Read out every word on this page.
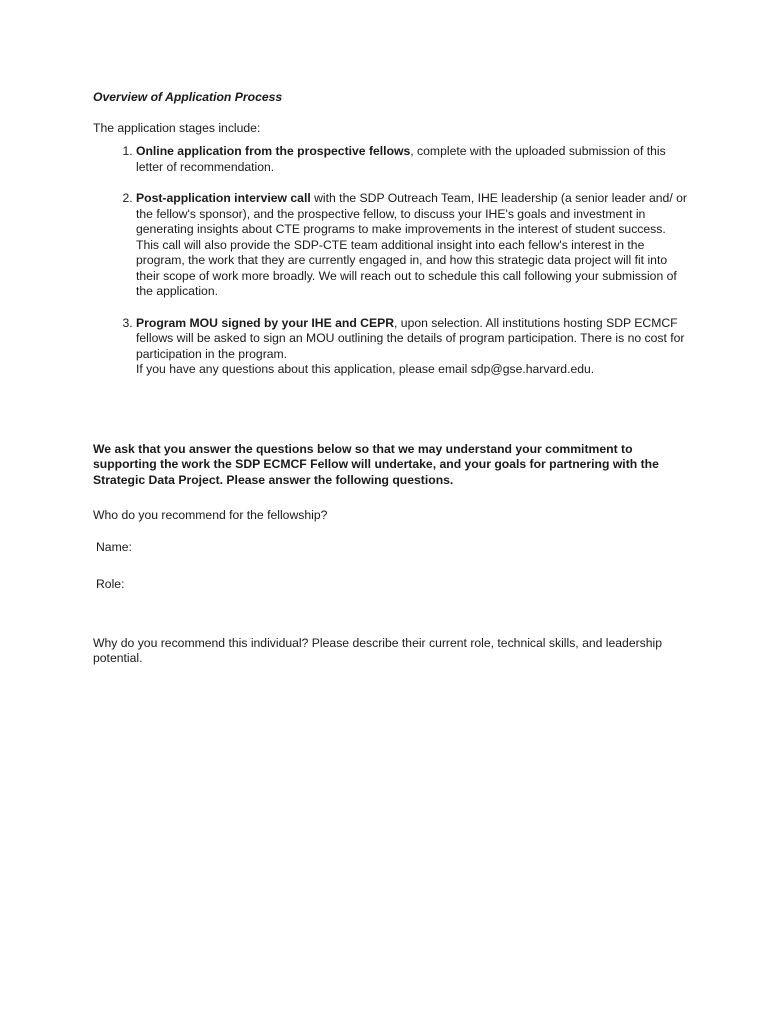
Overview of Application Process

The application stages include:

1. Online application from the prospective fellows, complete with the uploaded submission of this letter of recommendation.
2. Post-application interview call with the SDP Outreach Team, IHE leadership (a senior leader and/ or the fellow's sponsor), and the prospective fellow, to discuss your IHE's goals and investment in generating insights about CTE programs to make improvements in the interest of student success. This call will also provide the SDP-CTE team additional insight into each fellow's interest in the program, the work that they are currently engaged in, and how this strategic data project will fit into their scope of work more broadly. We will reach out to schedule this call following your submission of the application.
3. Program MOU signed by your IHE and CEPR, upon selection. All institutions hosting SDP ECMCF fellows will be asked to sign an MOU outlining the details of program participation. There is no cost for participation in the program.
If you have any questions about this application, please email sdp@gse.harvard.edu.

We ask that you answer the questions below so that we may understand your commitment to supporting the work the SDP ECMCF Fellow will undertake, and your goals for partnering with the Strategic Data Project. Please answer the following questions.

Who do you recommend for the fellowship?

Name:

Role:

Why do you recommend this individual? Please describe their current role, technical skills, and leadership potential.
